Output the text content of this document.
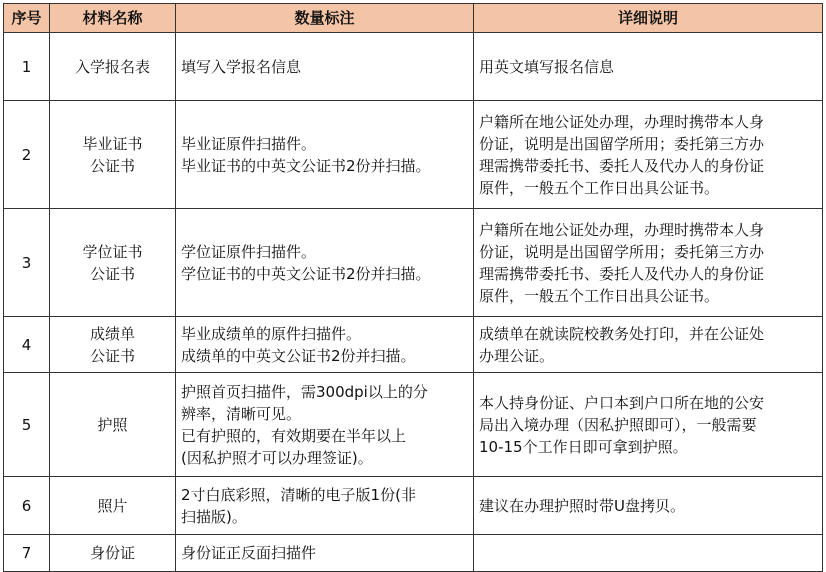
序号	材料名称	数量标注	详细说明
1	入学报名表	填写入学报名信息	用英文填写报名信息

2	毕业证书
公证书	毕业证原件扫描件。
毕业证书的中英文公证书2份并扫描。	户籍所在地公证处办理，办理时携带本人身
份证，说明是出国留学所用；委托第三方办
理需携带委托书、委托人及代办人的身份证
原件，一般五个工作日出具公证书。

3	学位证书
公证书	学位证原件扫描件。
学位证书的中英文公证书2份并扫描。	户籍所在地公证处办理，办理时携带本人身
份证，说明是出国留学所用；委托第三方办
理需携带委托书、委托人及代办人的身份证
原件，一般五个工作日出具公证书。

4	成绩单
公证书	毕业成绩单的原件扫描件。
成绩单的中英文公证书2份并扫描。	成绩单在就读院校教务处打印，并在公证处
办理公证。

5	护照	护照首页扫描件，需300dpi以上的分
辨率，清晰可见。
已有护照的，有效期要在半年以上
(因私护照才可以办理签证)。	本人持身份证、户口本到户口所在地的公安
局出入境办理（因私护照即可），一般需要
10-15个工作日即可拿到护照。

6	照片	2寸白底彩照，清晰的电子版1份(非
扫描版)。	建议在办理护照时带U盘拷贝。

7	身份证	身份证正反面扫描件	
